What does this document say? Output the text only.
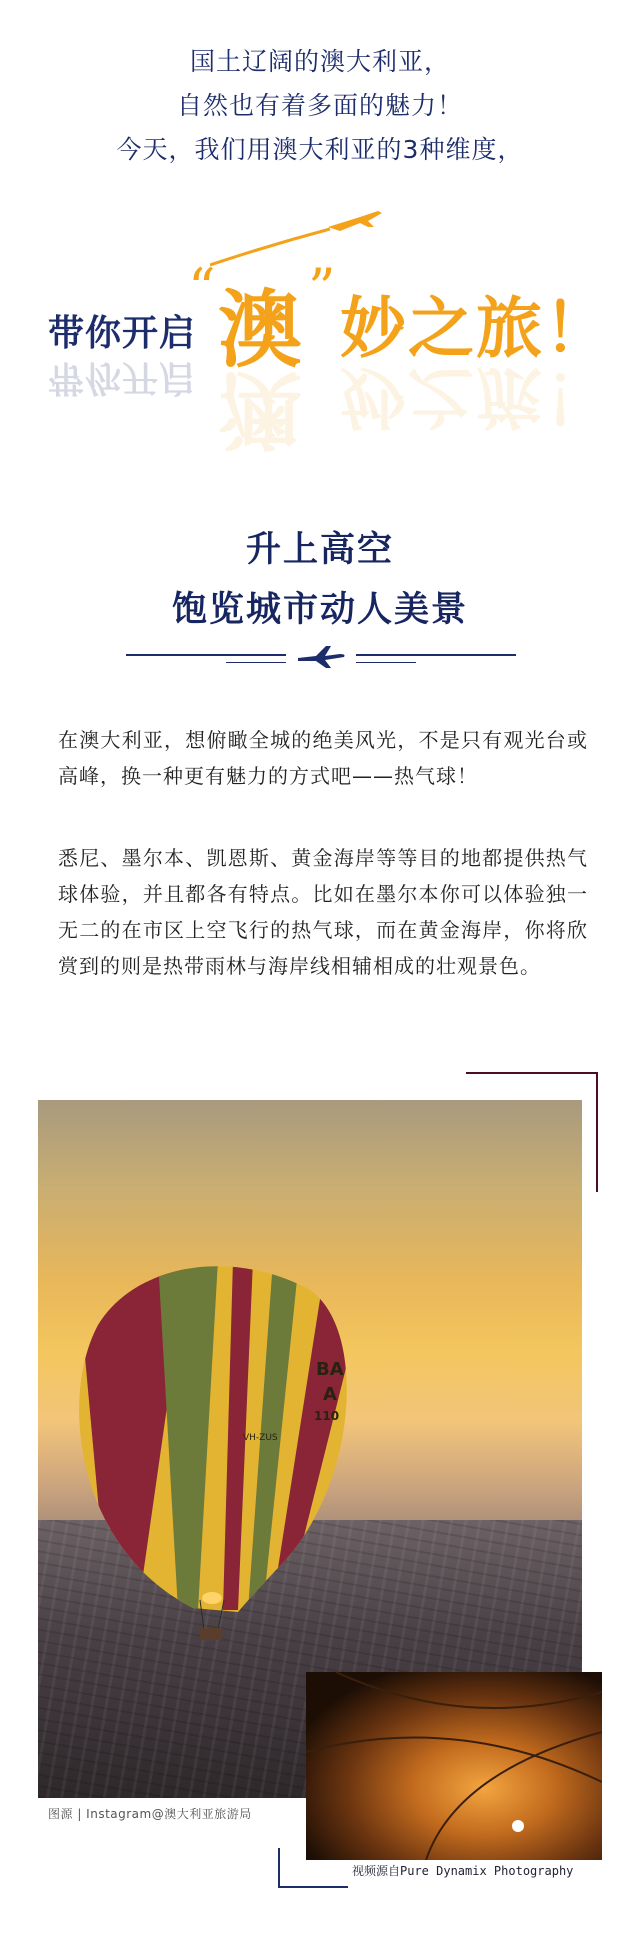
国土辽阔的澳大利亚，
自然也有着多面的魅力！
今天，我们用澳大利亚的3种维度，
带你开启
带你开启
“ 澳
澳
”
妙之旅！
妙之旅！
升上高空
饱览城市动人美景
在澳大利亚，想俯瞰全城的绝美风光，不是只有观光台或高峰，换一种更有魅力的方式吧——热气球！
悉尼、墨尔本、凯恩斯、黄金海岸等等目的地都提供热气球体验，并且都各有特点。比如在墨尔本你可以体验独一无二的在市区上空飞行的热气球，而在黄金海岸，你将欣赏到的则是热带雨林与海岸线相辅相成的壮观景色。
BA
A
110
VH-ZUS
图源 | Instagram@澳大利亚旅游局
视频源自Pure Dynamix Photography
